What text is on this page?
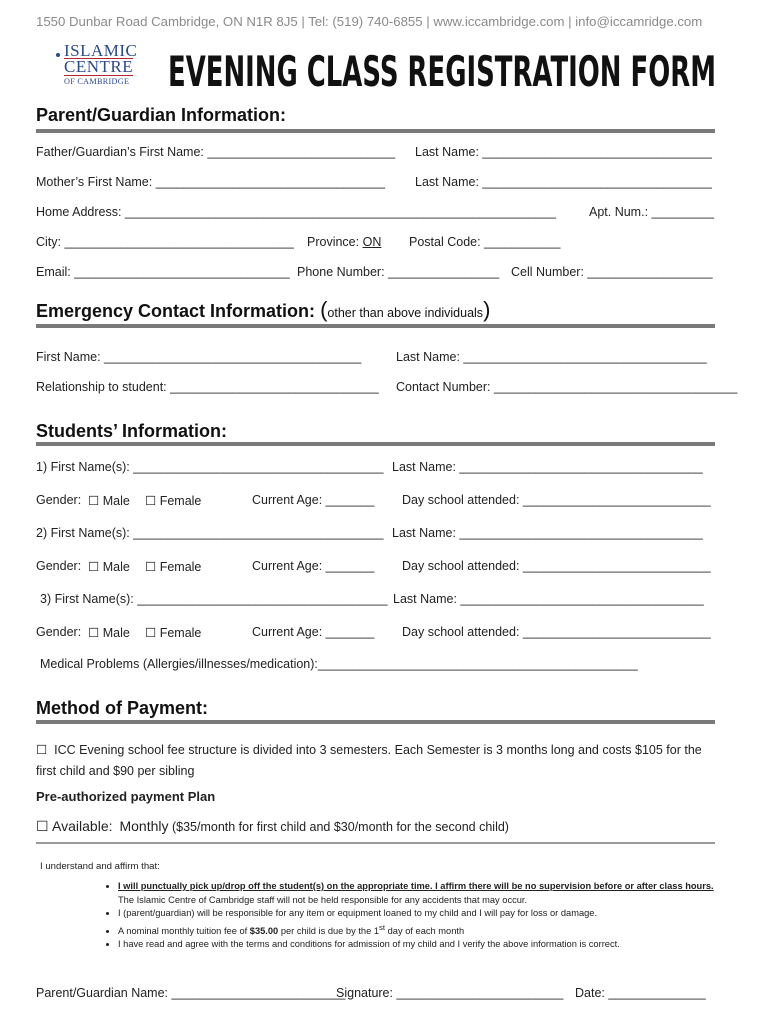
1550 Dunbar Road Cambridge, ON N1R 8J5 | Tel: (519) 740-6855 | www.iccambridge.com | info@iccamridge.com
ISLAMIC
CENTRE
OF CAMBRIDGE EVENING CLASS REGISTRATION FORM
Parent/Guardian Information:
Father/Guardian’s First Name: ___________________________ Last Name: _________________________________
Mother’s First Name: _________________________________ Last Name: _________________________________
Home Address: ______________________________________________________________	Apt. Num.: _________
City: _________________________________ Province: ON Postal Code: ___________
Email: _______________________________ Phone Number: ________________ Cell Number: __________________
Emergency Contact Information: (other than above individuals)
First Name: _____________________________________	Last Name: ___________________________________
Relationship to student: ______________________________ Contact Number: ___________________________________
Students’ Information:
1) First Name(s): ____________________________________ Last Name: ___________________________________
Gender: ☐ Male ☐ Female	Current Age: _______ Day school attended: ___________________________
2) First Name(s): ____________________________________ Last Name: ___________________________________
Gender: ☐ Male ☐ Female	Current Age: _______ Day school attended: ___________________________
3) First Name(s): ____________________________________ Last Name: ___________________________________
Gender: ☐ Male ☐ Female	Current Age: _______ Day school attended: ___________________________
Medical Problems (Allergies/illnesses/medication):______________________________________________
Method of Payment:
☐ ICC Evening school fee structure is divided into 3 semesters. Each Semester is 3 months long and costs $105 for the
first child and $90 per sibling
Pre-authorized payment Plan
☐ Available: Monthly ($35/month for first child and $30/month for the second child)
I understand and affirm that:
• I will punctually pick up/drop off the student(s) on the appropriate time. I affirm there will be no supervision before or after class hours. The Islamic Centre of Cambridge staff will not be held responsible for any accidents that may occur.
• I (parent/guardian) will be responsible for any item or equipment loaned to my child and I will pay for loss or damage.
• A nominal monthly tuition fee of $35.00 per child is due by the 1st day of each month
• I have read and agree with the terms and conditions for admission of my child and I verify the above information is correct.
Parent/Guardian Name: _________________________
Signature: ________________________ Date: ______________
